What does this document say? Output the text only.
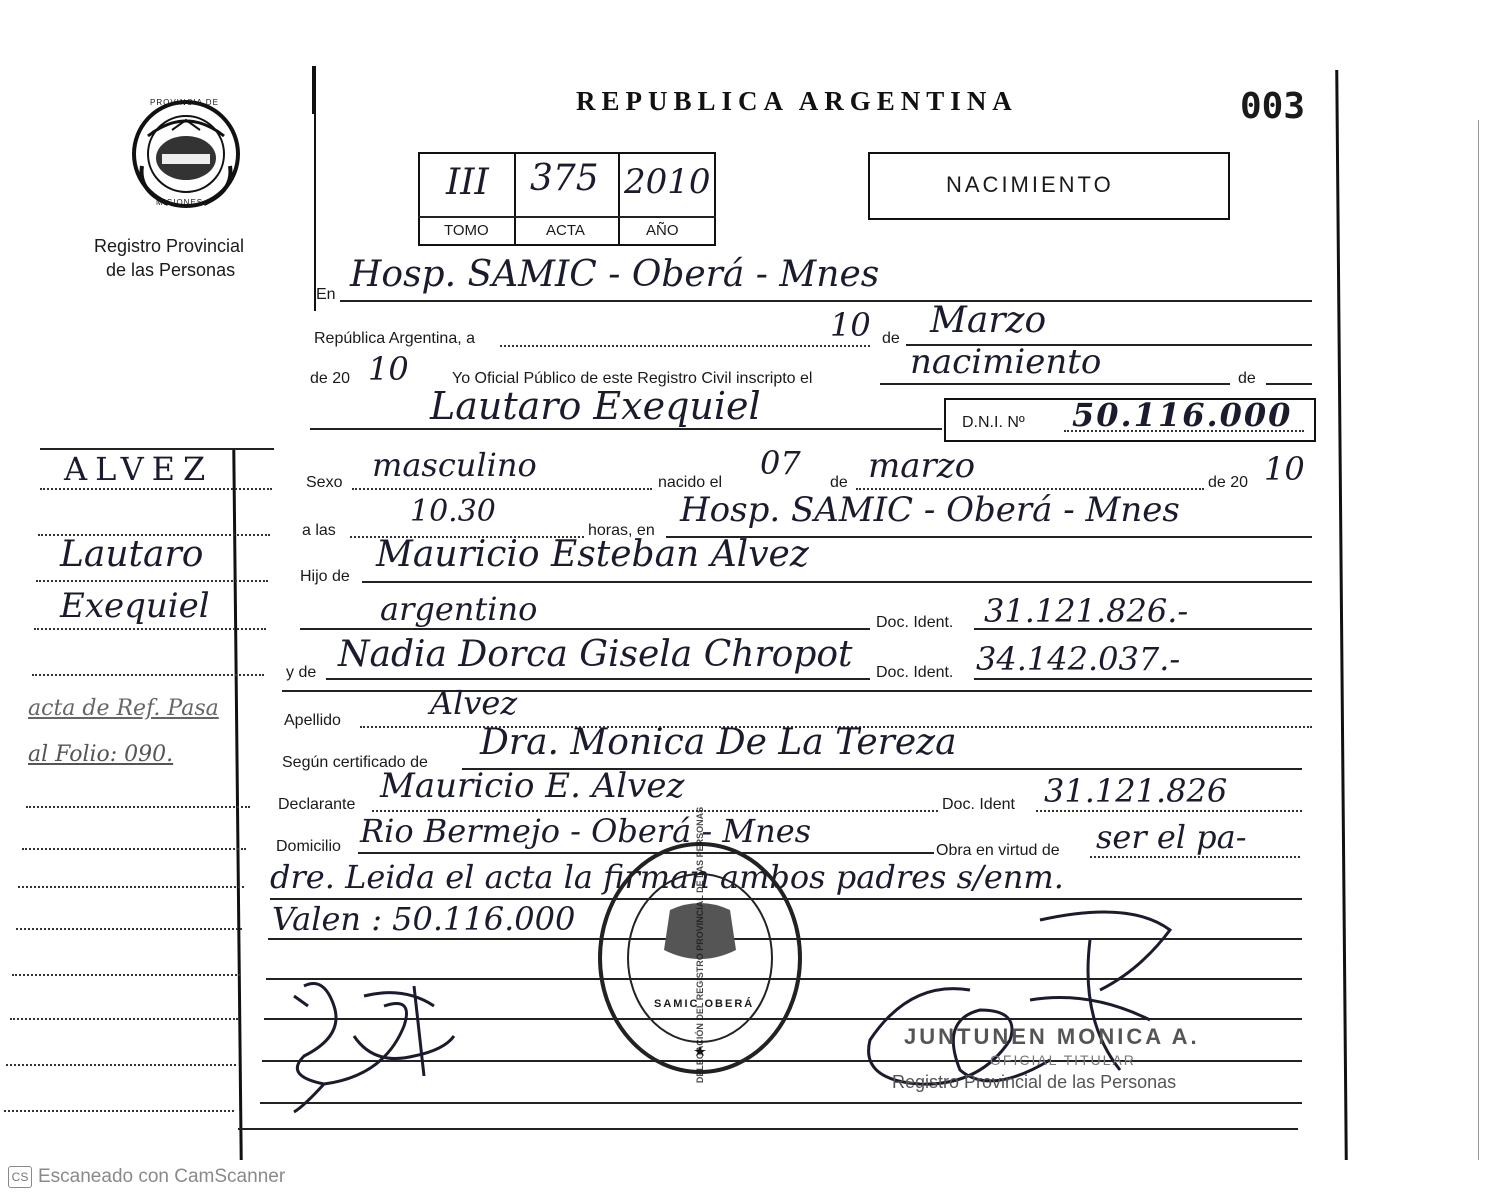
PROVINCIA DE
MISIONES
Registro Provincial
de las Personas
REPUBLICA ARGENTINA	003
III 375 2010
TOMO	ACTA	AÑO
NACIMIENTO
En Hosp. SAMIC - Oberá - Mnes
República Argentina, a	10 de Marzo
de 20 10	Yo Oficial Público de este Registro Civil inscripto el	nacimiento	de
Lautaro Exequiel	D.N.I. Nº 50.116.000
ALVEZ
Lautaro
Exequiel
acta de Ref. Pasa
al Folio: 090.
Sexo masculino	nacido el
07
de marzo	de 20 10
a las
10.30
horas, en
Hosp. SAMIC - Oberá - Mnes
Hijo de
Mauricio Esteban Alvez
argentino	Doc. Ident. 31.121.826.-
y de Nadia Dorca Gisela Chropot Doc. Ident. 34.142.037.-
Apellido	Alvez
Según certificado de Dra. Monica De La Tereza
Declarante Mauricio E. Alvez	Doc. Ident 31.121.826
Domicilio Rio Bermejo - Oberá - Mnes
Obra en virtud de ser el pa-
dre. Leida el acta la firman ambos padres s/enm.
Valen : 50.116.000	DELEGACIÓN DEL REGISTRO PROVINCIAL DE LAS PERSONAS
SAMIC OBERÁ
JUNTUNEN MONICA A.
OFICIAL TITULAR
Registro Provincial de las Personas
CS Escaneado con CamScanner
